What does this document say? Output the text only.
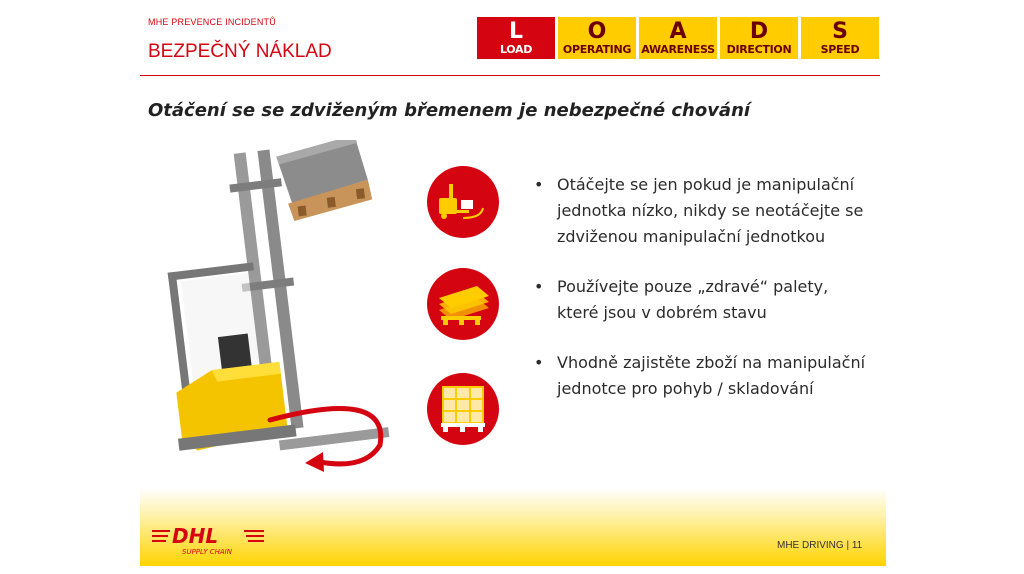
MHE PREVENCE INCIDENTŮ
BEZPEČNÝ NÁKLAD
L
LOAD
O
OPERATING
A
AWARENESS
D
DIRECTION
S
SPEED
Otáčení se se zdviženým břemenem je nebezpečné chování
• Otáčejte se jen pokud je manipulační jednotka nízko, nikdy se neotáčejte se zdviženou manipulační jednotkou
• Používejte pouze „zdravé“ palety, které jsou v dobrém stavu
• Vhodně zajistěte zboží na manipulační jednotce pro pohyb / skladování
DHL
SUPPLY CHAIN
MHE DRIVING | 11
